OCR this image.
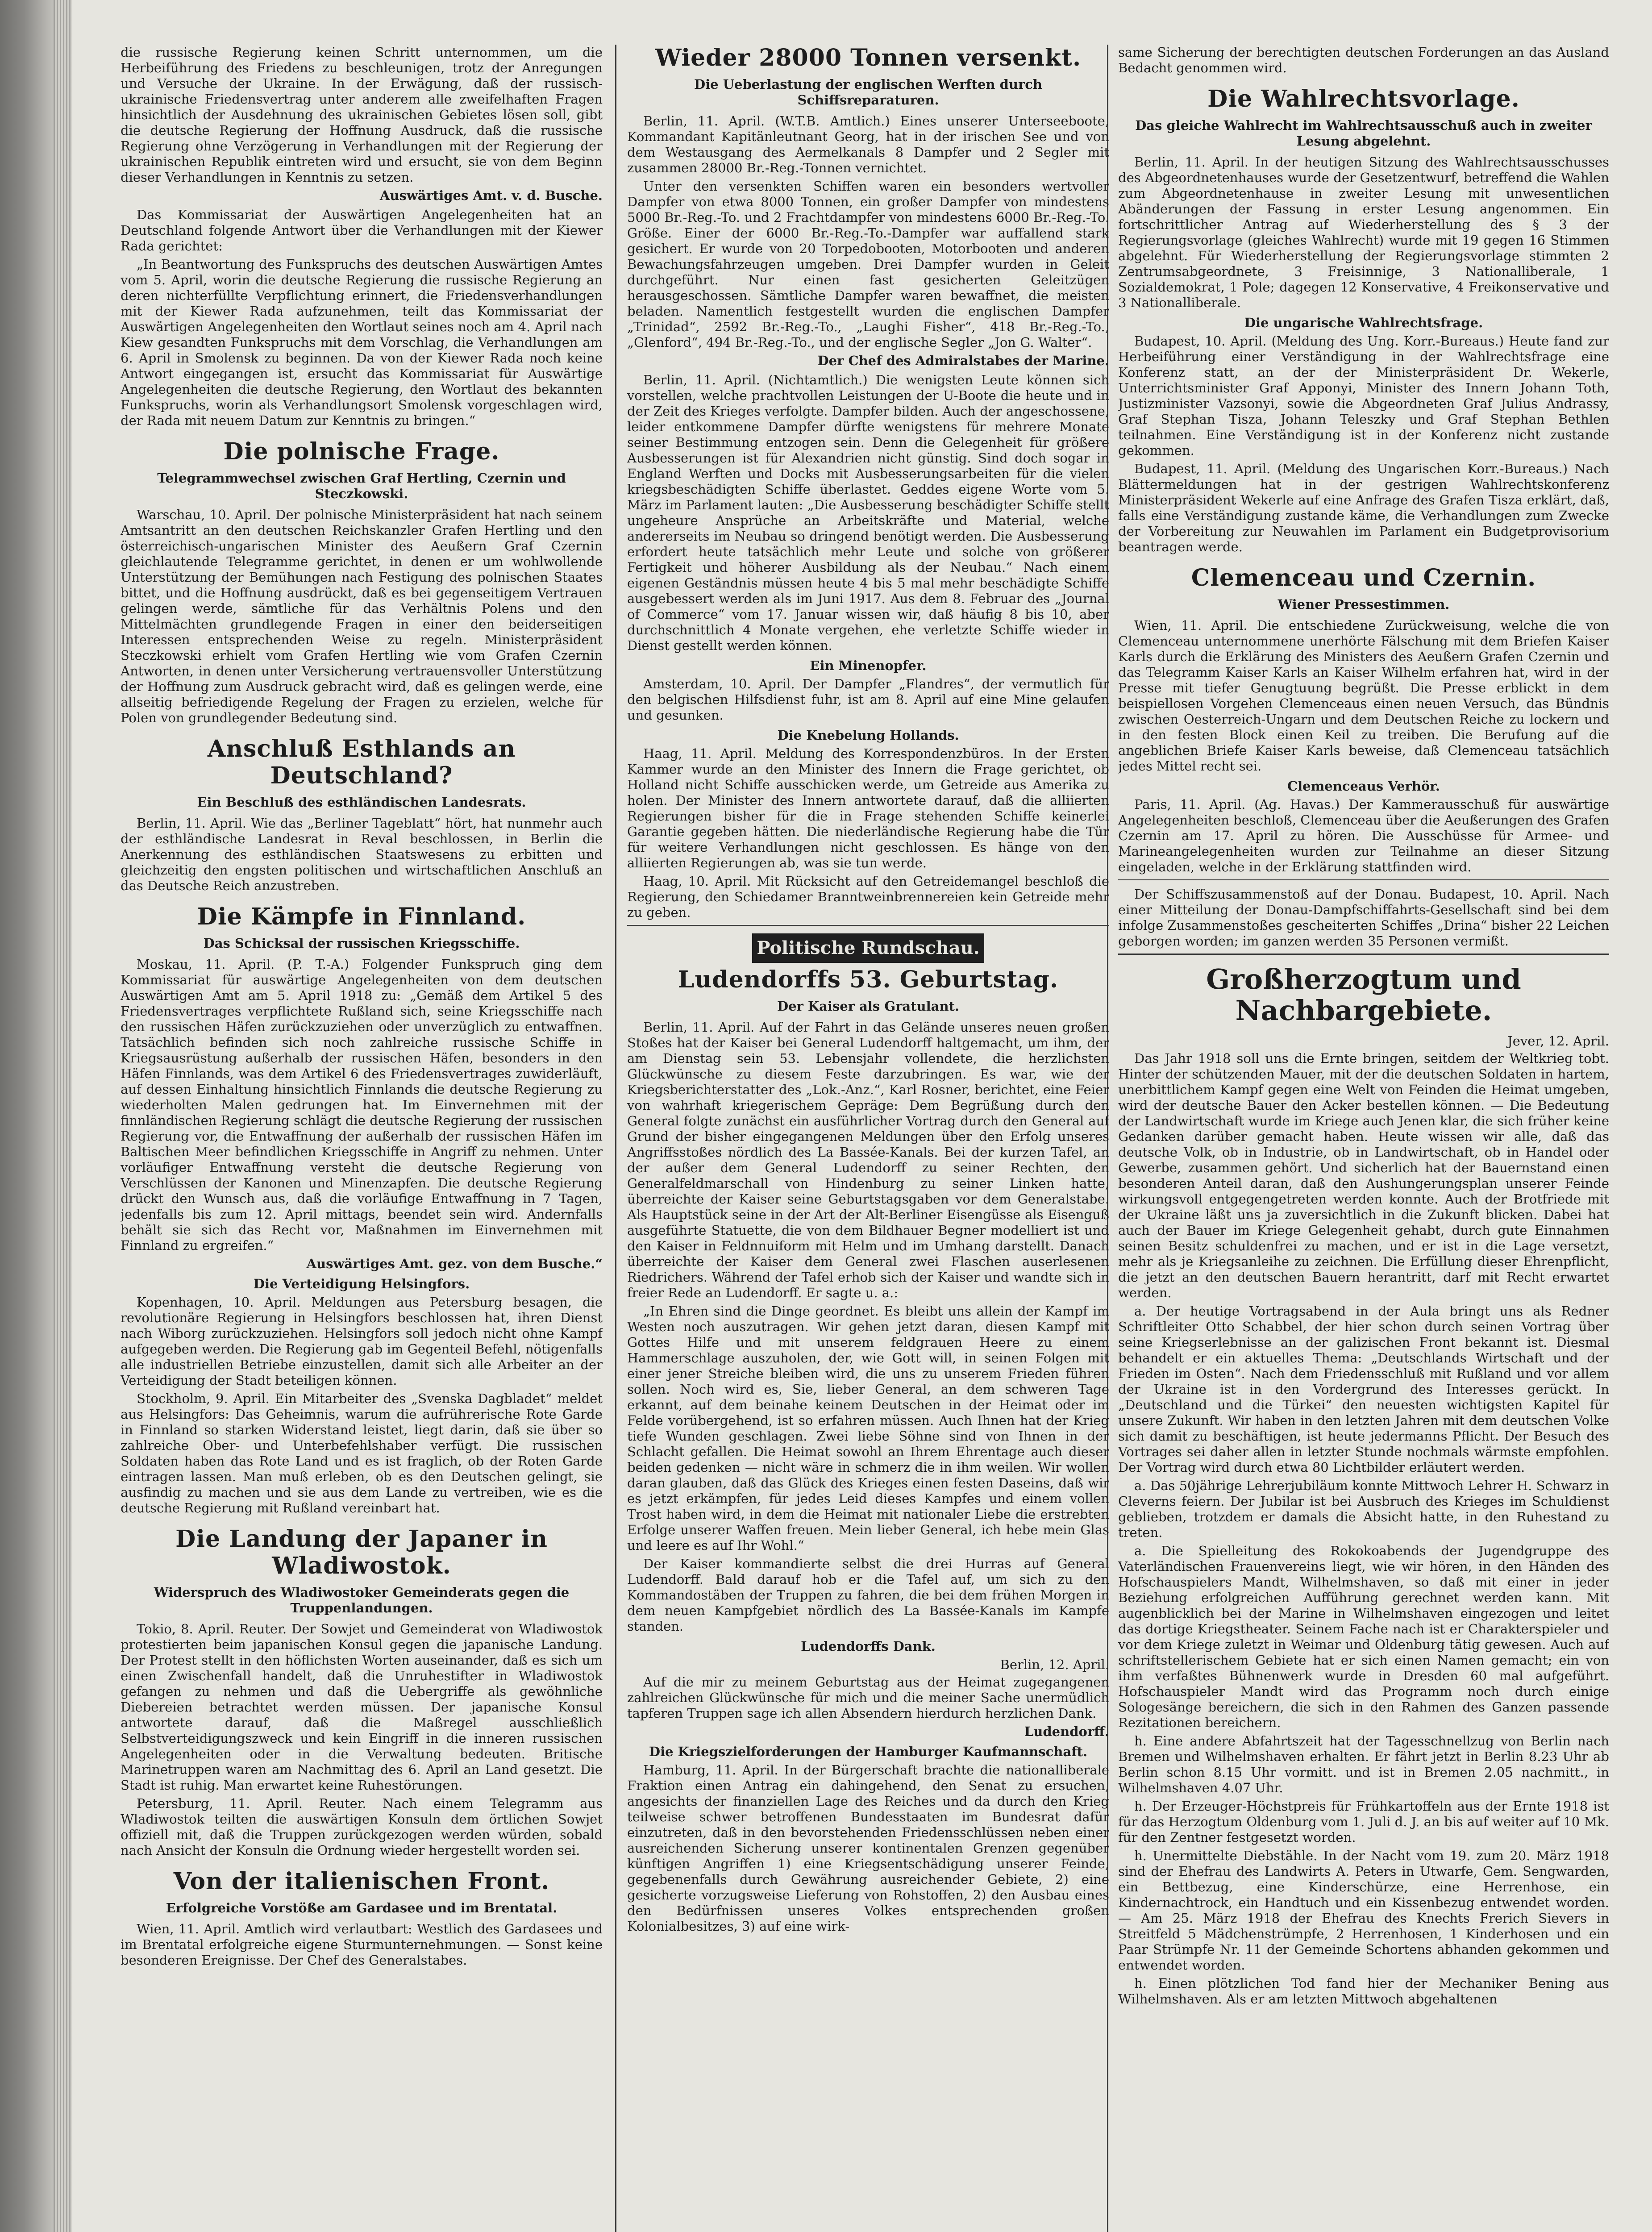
die russische Regierung keinen Schritt unternommen, um die Herbeiführung des Friedens zu beschleunigen, trotz der Anregungen und Versuche der Ukraine. In der Erwägung, daß der russisch-ukrainische Friedensvertrag unter anderem alle zweifelhaften Fragen hinsichtlich der Ausdehnung des ukrainischen Gebietes lösen soll, gibt die deutsche Regierung der Hoffnung Ausdruck, daß die russische Regierung ohne Verzögerung in Verhandlungen mit der Regierung der ukrainischen Republik eintreten wird und ersucht, sie von dem Beginn dieser Verhandlungen in Kenntnis zu setzen.

Auswärtiges Amt. v. d. Busche.

Das Kommissariat der Auswärtigen Angelegenheiten hat an Deutschland folgende Antwort über die Verhandlungen mit der Kiewer Rada gerichtet:

„In Beantwortung des Funkspruchs des deutschen Auswärtigen Amtes vom 5. April, worin die deutsche Regierung die russische Regierung an deren nichterfüllte Verpflichtung erinnert, die Friedensverhandlungen mit der Kiewer Rada aufzunehmen, teilt das Kommissariat der Auswärtigen Angelegenheiten den Wortlaut seines noch am 4. April nach Kiew gesandten Funkspruchs mit dem Vorschlag, die Verhandlungen am 6. April in Smolensk zu beginnen. Da von der Kiewer Rada noch keine Antwort eingegangen ist, ersucht das Kommissariat für Auswärtige Angelegenheiten die deutsche Regierung, den Wortlaut des bekannten Funkspruchs, worin als Verhandlungsort Smolensk vorgeschlagen wird, der Rada mit neuem Datum zur Kenntnis zu bringen.“

Die polnische Frage.
Telegrammwechsel zwischen Graf Hertling, Czernin und Steczkowski.

Warschau, 10. April. Der polnische Ministerpräsident hat nach seinem Amtsantritt an den deutschen Reichskanzler Grafen Hertling und den österreichisch-ungarischen Minister des Aeußern Graf Czernin gleichlautende Telegramme gerichtet, in denen er um wohlwollende Unterstützung der Bemühungen nach Festigung des polnischen Staates bittet, und die Hoffnung ausdrückt, daß es bei gegenseitigem Vertrauen gelingen werde, sämtliche für das Verhältnis Polens und den Mittelmächten grundlegende Fragen in einer den beiderseitigen Interessen entsprechenden Weise zu regeln. Ministerpräsident Steczkowski erhielt vom Grafen Hertling wie vom Grafen Czernin Antworten, in denen unter Versicherung vertrauensvoller Unterstützung der Hoffnung zum Ausdruck gebracht wird, daß es gelingen werde, eine allseitig befriedigende Regelung der Fragen zu erzielen, welche für Polen von grundlegender Bedeutung sind.

Anschluß Esthlands an Deutschland?
Ein Beschluß des esthländischen Landesrats.

Berlin, 11. April. Wie das „Berliner Tageblatt“ hört, hat nunmehr auch der esthländische Landesrat in Reval beschlossen, in Berlin die Anerkennung des esthländischen Staatswesens zu erbitten und gleichzeitig den engsten politischen und wirtschaftlichen Anschluß an das Deutsche Reich anzustreben.

Die Kämpfe in Finnland.
Das Schicksal der russischen Kriegsschiffe.

Moskau, 11. April. (P. T.-A.) Folgender Funkspruch ging dem Kommissariat für auswärtige Angelegenheiten von dem deutschen Auswärtigen Amt am 5. April 1918 zu: „Gemäß dem Artikel 5 des Friedensvertrages verpflichtete Rußland sich, seine Kriegsschiffe nach den russischen Häfen zurückzuziehen oder unverzüglich zu entwaffnen. Tatsächlich befinden sich noch zahlreiche russische Schiffe in Kriegsausrüstung außerhalb der russischen Häfen, besonders in den Häfen Finnlands, was dem Artikel 6 des Friedensvertrages zuwiderläuft, auf dessen Einhaltung hinsichtlich Finnlands die deutsche Regierung zu wiederholten Malen gedrungen hat. Im Einvernehmen mit der finnländischen Regierung schlägt die deutsche Regierung der russischen Regierung vor, die Entwaffnung der außerhalb der russischen Häfen im Baltischen Meer befindlichen Kriegsschiffe in Angriff zu nehmen. Unter vorläufiger Entwaffnung versteht die deutsche Regierung von Verschlüssen der Kanonen und Minenzapfen. Die deutsche Regierung drückt den Wunsch aus, daß die vorläufige Entwaffnung in 7 Tagen, jedenfalls bis zum 12. April mittags, beendet sein wird. Andernfalls behält sie sich das Recht vor, Maßnahmen im Einvernehmen mit Finnland zu ergreifen.“

Auswärtiges Amt. gez. von dem Busche.“
Die Verteidigung Helsingfors.

Kopenhagen, 10. April. Meldungen aus Petersburg besagen, die revolutionäre Regierung in Helsingfors beschlossen hat, ihren Dienst nach Wiborg zurückzuziehen. Helsingfors soll jedoch nicht ohne Kampf aufgegeben werden. Die Regierung gab im Gegenteil Befehl, nötigenfalls alle industriellen Betriebe einzustellen, damit sich alle Arbeiter an der Verteidigung der Stadt beteiligen können.

Stockholm, 9. April. Ein Mitarbeiter des „Svenska Dagbladet“ meldet aus Helsingfors: Das Geheimnis, warum die aufrührerische Rote Garde in Finnland so starken Widerstand leistet, liegt darin, daß sie über so zahlreiche Ober- und Unterbefehlshaber verfügt. Die russischen Soldaten haben das Rote Land und es ist fraglich, ob der Roten Garde eintragen lassen. Man muß erleben, ob es den Deutschen gelingt, sie ausfindig zu machen und sie aus dem Lande zu vertreiben, wie es die deutsche Regierung mit Rußland vereinbart hat.

Die Landung der Japaner in Wladiwostok.
Widerspruch des Wladiwostoker Gemeinderats gegen die Truppenlandungen.

Tokio, 8. April. Reuter. Der Sowjet und Gemeinderat von Wladiwostok protestierten beim japanischen Konsul gegen die japanische Landung. Der Protest stellt in den höflichsten Worten auseinander, daß es sich um einen Zwischenfall handelt, daß die Unruhestifter in Wladiwostok gefangen zu nehmen und daß die Uebergriffe als gewöhnliche Diebereien betrachtet werden müssen. Der japanische Konsul antwortete darauf, daß die Maßregel ausschließlich Selbstverteidigungszweck und kein Eingriff in die inneren russischen Angelegenheiten oder in die Verwaltung bedeuten. Britische Marinetruppen waren am Nachmittag des 6. April an Land gesetzt. Die Stadt ist ruhig. Man erwartet keine Ruhestörungen.

Petersburg, 11. April. Reuter. Nach einem Telegramm aus Wladiwostok teilten die auswärtigen Konsuln dem örtlichen Sowjet offiziell mit, daß die Truppen zurückgezogen werden würden, sobald nach Ansicht der Konsuln die Ordnung wieder hergestellt worden sei.

Von der italienischen Front.
Erfolgreiche Vorstöße am Gardasee und im Brentatal.

Wien, 11. April. Amtlich wird verlautbart: Westlich des Gardasees und im Brentatal erfolgreiche eigene Sturmunternehmungen. — Sonst keine besonderen Ereignisse. Der Chef des Generalstabes.

Wieder 28000 Tonnen versenkt.
Die Ueberlastung der englischen Werften durch Schiffsreparaturen.

Berlin, 11. April. (W.T.B. Amtlich.) Eines unserer Unterseeboote, Kommandant Kapitänleutnant Georg, hat in der irischen See und von dem Westausgang des Aermelkanals 8 Dampfer und 2 Segler mit zusammen 28000 Br.-Reg.-Tonnen vernichtet.

Unter den versenkten Schiffen waren ein besonders wertvoller Dampfer von etwa 8000 Tonnen, ein großer Dampfer von mindestens 5000 Br.-Reg.-To. und 2 Frachtdampfer von mindestens 6000 Br.-Reg.-To. Größe. Einer der 6000 Br.-Reg.-To.-Dampfer war auffallend stark gesichert. Er wurde von 20 Torpedobooten, Motorbooten und anderen Bewachungsfahrzeugen umgeben. Drei Dampfer wurden in Geleit durchgeführt. Nur einen fast gesicherten Geleitzügen herausgeschossen. Sämtliche Dampfer waren bewaffnet, die meisten beladen. Namentlich festgestellt wurden die englischen Dampfer „Trinidad“, 2592 Br.-Reg.-To., „Laughi Fisher“, 418 Br.-Reg.-To., „Glenford“, 494 Br.-Reg.-To., und der englische Segler „Jon G. Walter“.

Der Chef des Admiralstabes der Marine.

Berlin, 11. April. (Nichtamtlich.) Die wenigsten Leute können sich vorstellen, welche prachtvollen Leistungen der U-Boote die heute und in der Zeit des Krieges verfolgte. Dampfer bilden. Auch der angeschossene, leider entkommene Dampfer dürfte wenigstens für mehrere Monate seiner Bestimmung entzogen sein. Denn die Gelegenheit für größere Ausbesserungen ist für Alexandrien nicht günstig. Sind doch sogar in England Werften und Docks mit Ausbesserungsarbeiten für die vielen kriegsbeschädigten Schiffe überlastet. Geddes eigene Worte vom 5. März im Parlament lauten: „Die Ausbesserung beschädigter Schiffe stellt ungeheure Ansprüche an Arbeitskräfte und Material, welche andererseits im Neubau so dringend benötigt werden. Die Ausbesserung erfordert heute tatsächlich mehr Leute und solche von größerer Fertigkeit und höherer Ausbildung als der Neubau.“ Nach einem eigenen Geständnis müssen heute 4 bis 5 mal mehr beschädigte Schiffe ausgebessert werden als im Juni 1917. Aus dem 8. Februar des „Journal of Commerce“ vom 17. Januar wissen wir, daß häufig 8 bis 10, aber durchschnittlich 4 Monate vergehen, ehe verletzte Schiffe wieder in Dienst gestellt werden können.

Ein Minenopfer.

Amsterdam, 10. April. Der Dampfer „Flandres“, der vermutlich für den belgischen Hilfsdienst fuhr, ist am 8. April auf eine Mine gelaufen und gesunken.

Die Knebelung Hollands.

Haag, 11. April. Meldung des Korrespondenzbüros. In der Ersten Kammer wurde an den Minister des Innern die Frage gerichtet, ob Holland nicht Schiffe ausschicken werde, um Getreide aus Amerika zu holen. Der Minister des Innern antwortete darauf, daß die alliierten Regierungen bisher für die in Frage stehenden Schiffe keinerlei Garantie gegeben hätten. Die niederländische Regierung habe die Tür für weitere Verhandlungen nicht geschlossen. Es hänge von den alliierten Regierungen ab, was sie tun werde.

Haag, 10. April. Mit Rücksicht auf den Getreidemangel beschloß die Regierung, den Schiedamer Branntweinbrennereien kein Getreide mehr zu geben.

Politische Rundschau.
Ludendorffs 53. Geburtstag.
Der Kaiser als Gratulant.

Berlin, 11. April. Auf der Fahrt in das Gelände unseres neuen großen Stoßes hat der Kaiser bei General Ludendorff haltgemacht, um ihm, der am Dienstag sein 53. Lebensjahr vollendete, die herzlichsten Glückwünsche zu diesem Feste darzubringen. Es war, wie der Kriegsberichterstatter des „Lok.-Anz.“, Karl Rosner, berichtet, eine Feier von wahrhaft kriegerischem Gepräge: Dem Begrüßung durch den General folgte zunächst ein ausführlicher Vortrag durch den General auf Grund der bisher eingegangenen Meldungen über den Erfolg unseres Angriffsstoßes nördlich des La Bassée-Kanals. Bei der kurzen Tafel, an der außer dem General Ludendorff zu seiner Rechten, den Generalfeldmarschall von Hindenburg zu seiner Linken hatte, überreichte der Kaiser seine Geburtstagsgaben vor dem Generalstabe. Als Hauptstück seine in der Art der Alt-Berliner Eisengüsse als Eisenguß ausgeführte Statuette, die von dem Bildhauer Begner modelliert ist und den Kaiser in Feldnnuiform mit Helm und im Umhang darstellt. Danach überreichte der Kaiser dem General zwei Flaschen auserlesenen Riedrichers. Während der Tafel erhob sich der Kaiser und wandte sich in freier Rede an Ludendorff. Er sagte u. a.:

„In Ehren sind die Dinge geordnet. Es bleibt uns allein der Kampf im Westen noch auszutragen. Wir gehen jetzt daran, diesen Kampf mit Gottes Hilfe und mit unserem feldgrauen Heere zu einem Hammerschlage auszuholen, der, wie Gott will, in seinen Folgen mit einer jener Streiche bleiben wird, die uns zu unserem Frieden führen sollen. Noch wird es, Sie, lieber General, an dem schweren Tage erkannt, auf dem beinahe keinem Deutschen in der Heimat oder im Felde vorübergehend, ist so erfahren müssen. Auch Ihnen hat der Krieg tiefe Wunden geschlagen. Zwei liebe Söhne sind von Ihnen in der Schlacht gefallen. Die Heimat sowohl an Ihrem Ehrentage auch dieser beiden gedenken — nicht wäre in schmerz die in ihm weilen. Wir wollen daran glauben, daß das Glück des Krieges einen festen Daseins, daß wir es jetzt erkämpfen, für jedes Leid dieses Kampfes und einem vollen Trost haben wird, in dem die Heimat mit nationaler Liebe die erstrebten Erfolge unserer Waffen freuen. Mein lieber General, ich hebe mein Glas und leere es auf Ihr Wohl.“

Der Kaiser kommandierte selbst die drei Hurras auf General Ludendorff. Bald darauf hob er die Tafel auf, um sich zu den Kommandostäben der Truppen zu fahren, die bei dem frühen Morgen in dem neuen Kampfgebiet nördlich des La Bassée-Kanals im Kampfe standen.

Ludendorffs Dank.
Berlin, 12. April.

Auf die mir zu meinem Geburtstag aus der Heimat zugegangenen zahlreichen Glückwünsche für mich und die meiner Sache unermüdlich tapferen Truppen sage ich allen Absendern hierdurch herzlichen Dank.

Ludendorff.
Die Kriegszielforderungen der Hamburger Kaufmannschaft.

Hamburg, 11. April. In der Bürgerschaft brachte die nationalliberale Fraktion einen Antrag ein dahingehend, den Senat zu ersuchen, angesichts der finanziellen Lage des Reiches und da durch den Krieg teilweise schwer betroffenen Bundesstaaten im Bundesrat dafür einzutreten, daß in den bevorstehenden Friedensschlüssen neben einer ausreichenden Sicherung unserer kontinentalen Grenzen gegenüber künftigen Angriffen 1) eine Kriegsentschädigung unserer Feinde, gegebenenfalls durch Gewährung ausreichender Gebiete, 2) eine gesicherte vorzugsweise Lieferung von Rohstoffen, 2) den Ausbau eines den Bedürfnissen unseres Volkes entsprechenden großen Kolonialbesitzes, 3) auf eine wirk-

same Sicherung der berechtigten deutschen Forderungen an das Ausland Bedacht genommen wird.

Die Wahlrechtsvorlage.
Das gleiche Wahlrecht im Wahlrechtsausschuß auch in zweiter Lesung abgelehnt.

Berlin, 11. April. In der heutigen Sitzung des Wahlrechtsausschusses des Abgeordnetenhauses wurde der Gesetzentwurf, betreffend die Wahlen zum Abgeordnetenhause in zweiter Lesung mit unwesentlichen Abänderungen der Fassung in erster Lesung angenommen. Ein fortschrittlicher Antrag auf Wiederherstellung des § 3 der Regierungsvorlage (gleiches Wahlrecht) wurde mit 19 gegen 16 Stimmen abgelehnt. Für Wiederherstellung der Regierungsvorlage stimmten 2 Zentrumsabgeordnete, 3 Freisinnige, 3 Nationalliberale, 1 Sozialdemokrat, 1 Pole; dagegen 12 Konservative, 4 Freikonservative und 3 Nationalliberale.

Die ungarische Wahlrechtsfrage.

Budapest, 10. April. (Meldung des Ung. Korr.-Bureaus.) Heute fand zur Herbeiführung einer Verständigung in der Wahlrechtsfrage eine Konferenz statt, an der der Ministerpräsident Dr. Wekerle, Unterrichtsminister Graf Apponyi, Minister des Innern Johann Toth, Justizminister Vazsonyi, sowie die Abgeordneten Graf Julius Andrassy, Graf Stephan Tisza, Johann Teleszky und Graf Stephan Bethlen teilnahmen. Eine Verständigung ist in der Konferenz nicht zustande gekommen.

Budapest, 11. April. (Meldung des Ungarischen Korr.-Bureaus.) Nach Blättermeldungen hat in der gestrigen Wahlrechtskonferenz Ministerpräsident Wekerle auf eine Anfrage des Grafen Tisza erklärt, daß, falls eine Verständigung zustande käme, die Verhandlungen zum Zwecke der Vorbereitung zur Neuwahlen im Parlament ein Budgetprovisorium beantragen werde.

Clemenceau und Czernin.
Wiener Pressestimmen.

Wien, 11. April. Die entschiedene Zurückweisung, welche die von Clemenceau unternommene unerhörte Fälschung mit dem Briefen Kaiser Karls durch die Erklärung des Ministers des Aeußern Grafen Czernin und das Telegramm Kaiser Karls an Kaiser Wilhelm erfahren hat, wird in der Presse mit tiefer Genugtuung begrüßt. Die Presse erblickt in dem beispiellosen Vorgehen Clemenceaus einen neuen Versuch, das Bündnis zwischen Oesterreich-Ungarn und dem Deutschen Reiche zu lockern und in den festen Block einen Keil zu treiben. Die Berufung auf die angeblichen Briefe Kaiser Karls beweise, daß Clemenceau tatsächlich jedes Mittel recht sei.

Clemenceaus Verhör.

Paris, 11. April. (Ag. Havas.) Der Kammerausschuß für auswärtige Angelegenheiten beschloß, Clemenceau über die Aeußerungen des Grafen Czernin am 17. April zu hören. Die Ausschüsse für Armee- und Marineangelegenheiten wurden zur Teilnahme an dieser Sitzung eingeladen, welche in der Erklärung stattfinden wird.

Der Schiffszusammenstoß auf der Donau. Budapest, 10. April. Nach einer Mitteilung der Donau-Dampfschiffahrts-Gesellschaft sind bei dem infolge Zusammenstoßes gescheiterten Schiffes „Drina“ bisher 22 Leichen geborgen worden; im ganzen werden 35 Personen vermißt.

Großherzogtum und Nachbargebiete.
Jever, 12. April.

Das Jahr 1918 soll uns die Ernte bringen, seitdem der Weltkrieg tobt. Hinter der schützenden Mauer, mit der die deutschen Soldaten in hartem, unerbittlichem Kampf gegen eine Welt von Feinden die Heimat umgeben, wird der deutsche Bauer den Acker bestellen können. — Die Bedeutung der Landwirtschaft wurde im Kriege auch Jenen klar, die sich früher keine Gedanken darüber gemacht haben. Heute wissen wir alle, daß das deutsche Volk, ob in Industrie, ob in Landwirtschaft, ob in Handel oder Gewerbe, zusammen gehört. Und sicherlich hat der Bauernstand einen besonderen Anteil daran, daß den Aushungerungsplan unserer Feinde wirkungsvoll entgegengetreten werden konnte. Auch der Brotfriede mit der Ukraine läßt uns ja zuversichtlich in die Zukunft blicken. Dabei hat auch der Bauer im Kriege Gelegenheit gehabt, durch gute Einnahmen seinen Besitz schuldenfrei zu machen, und er ist in die Lage versetzt, mehr als je Kriegsanleihe zu zeichnen. Die Erfüllung dieser Ehrenpflicht, die jetzt an den deutschen Bauern herantritt, darf mit Recht erwartet werden.

a. Der heutige Vortragsabend in der Aula bringt uns als Redner Schriftleiter Otto Schabbel, der hier schon durch seinen Vortrag über seine Kriegserlebnisse an der galizischen Front bekannt ist. Diesmal behandelt er ein aktuelles Thema: „Deutschlands Wirtschaft und der Frieden im Osten“. Nach dem Friedensschluß mit Rußland und vor allem der Ukraine ist in den Vordergrund des Interesses gerückt. In „Deutschland und die Türkei“ den neuesten wichtigsten Kapitel für unsere Zukunft. Wir haben in den letzten Jahren mit dem deutschen Volke sich damit zu beschäftigen, ist heute jedermanns Pflicht. Der Besuch des Vortrages sei daher allen in letzter Stunde nochmals wärmste empfohlen. Der Vortrag wird durch etwa 80 Lichtbilder erläutert werden.

a. Das 50jährige Lehrerjubiläum konnte Mittwoch Lehrer H. Schwarz in Cleverns feiern. Der Jubilar ist bei Ausbruch des Krieges im Schuldienst geblieben, trotzdem er damals die Absicht hatte, in den Ruhestand zu treten.

a. Die Spielleitung des Rokokoabends der Jugendgruppe des Vaterländischen Frauenvereins liegt, wie wir hören, in den Händen des Hofschauspielers Mandt, Wilhelmshaven, so daß mit einer in jeder Beziehung erfolgreichen Aufführung gerechnet werden kann. Mit augenblicklich bei der Marine in Wilhelmshaven eingezogen und leitet das dortige Kriegstheater. Seinem Fache nach ist er Charakterspieler und vor dem Kriege zuletzt in Weimar und Oldenburg tätig gewesen. Auch auf schriftstellerischem Gebiete hat er sich einen Namen gemacht; ein von ihm verfaßtes Bühnenwerk wurde in Dresden 60 mal aufgeführt. Hofschauspieler Mandt wird das Programm noch durch einige Sologesänge bereichern, die sich in den Rahmen des Ganzen passende Rezitationen bereichern.

h. Eine andere Abfahrtszeit hat der Tagesschnellzug von Berlin nach Bremen und Wilhelmshaven erhalten. Er fährt jetzt in Berlin 8.23 Uhr ab Berlin schon 8.15 Uhr vormitt. und ist in Bremen 2.05 nachmitt., in Wilhelmshaven 4.07 Uhr.

h. Der Erzeuger-Höchstpreis für Frühkartoffeln aus der Ernte 1918 ist für das Herzogtum Oldenburg vom 1. Juli d. J. an bis auf weiter auf 10 Mk. für den Zentner festgesetzt worden.

h. Unermittelte Diebstähle. In der Nacht vom 19. zum 20. März 1918 sind der Ehefrau des Landwirts A. Peters in Utwarfe, Gem. Sengwarden, ein Bettbezug, eine Kinderschürze, eine Herrenhose, ein Kindernachtrock, ein Handtuch und ein Kissenbezug entwendet worden. — Am 25. März 1918 der Ehefrau des Knechts Frerich Sievers in Streitfeld 5 Mädchenstrümpfe, 2 Herrenhosen, 1 Kinderhosen und ein Paar Strümpfe Nr. 11 der Gemeinde Schortens abhanden gekommen und entwendet worden.

h. Einen plötzlichen Tod fand hier der Mechaniker Bening aus Wilhelmshaven. Als er am letzten Mittwoch abgehaltenen
